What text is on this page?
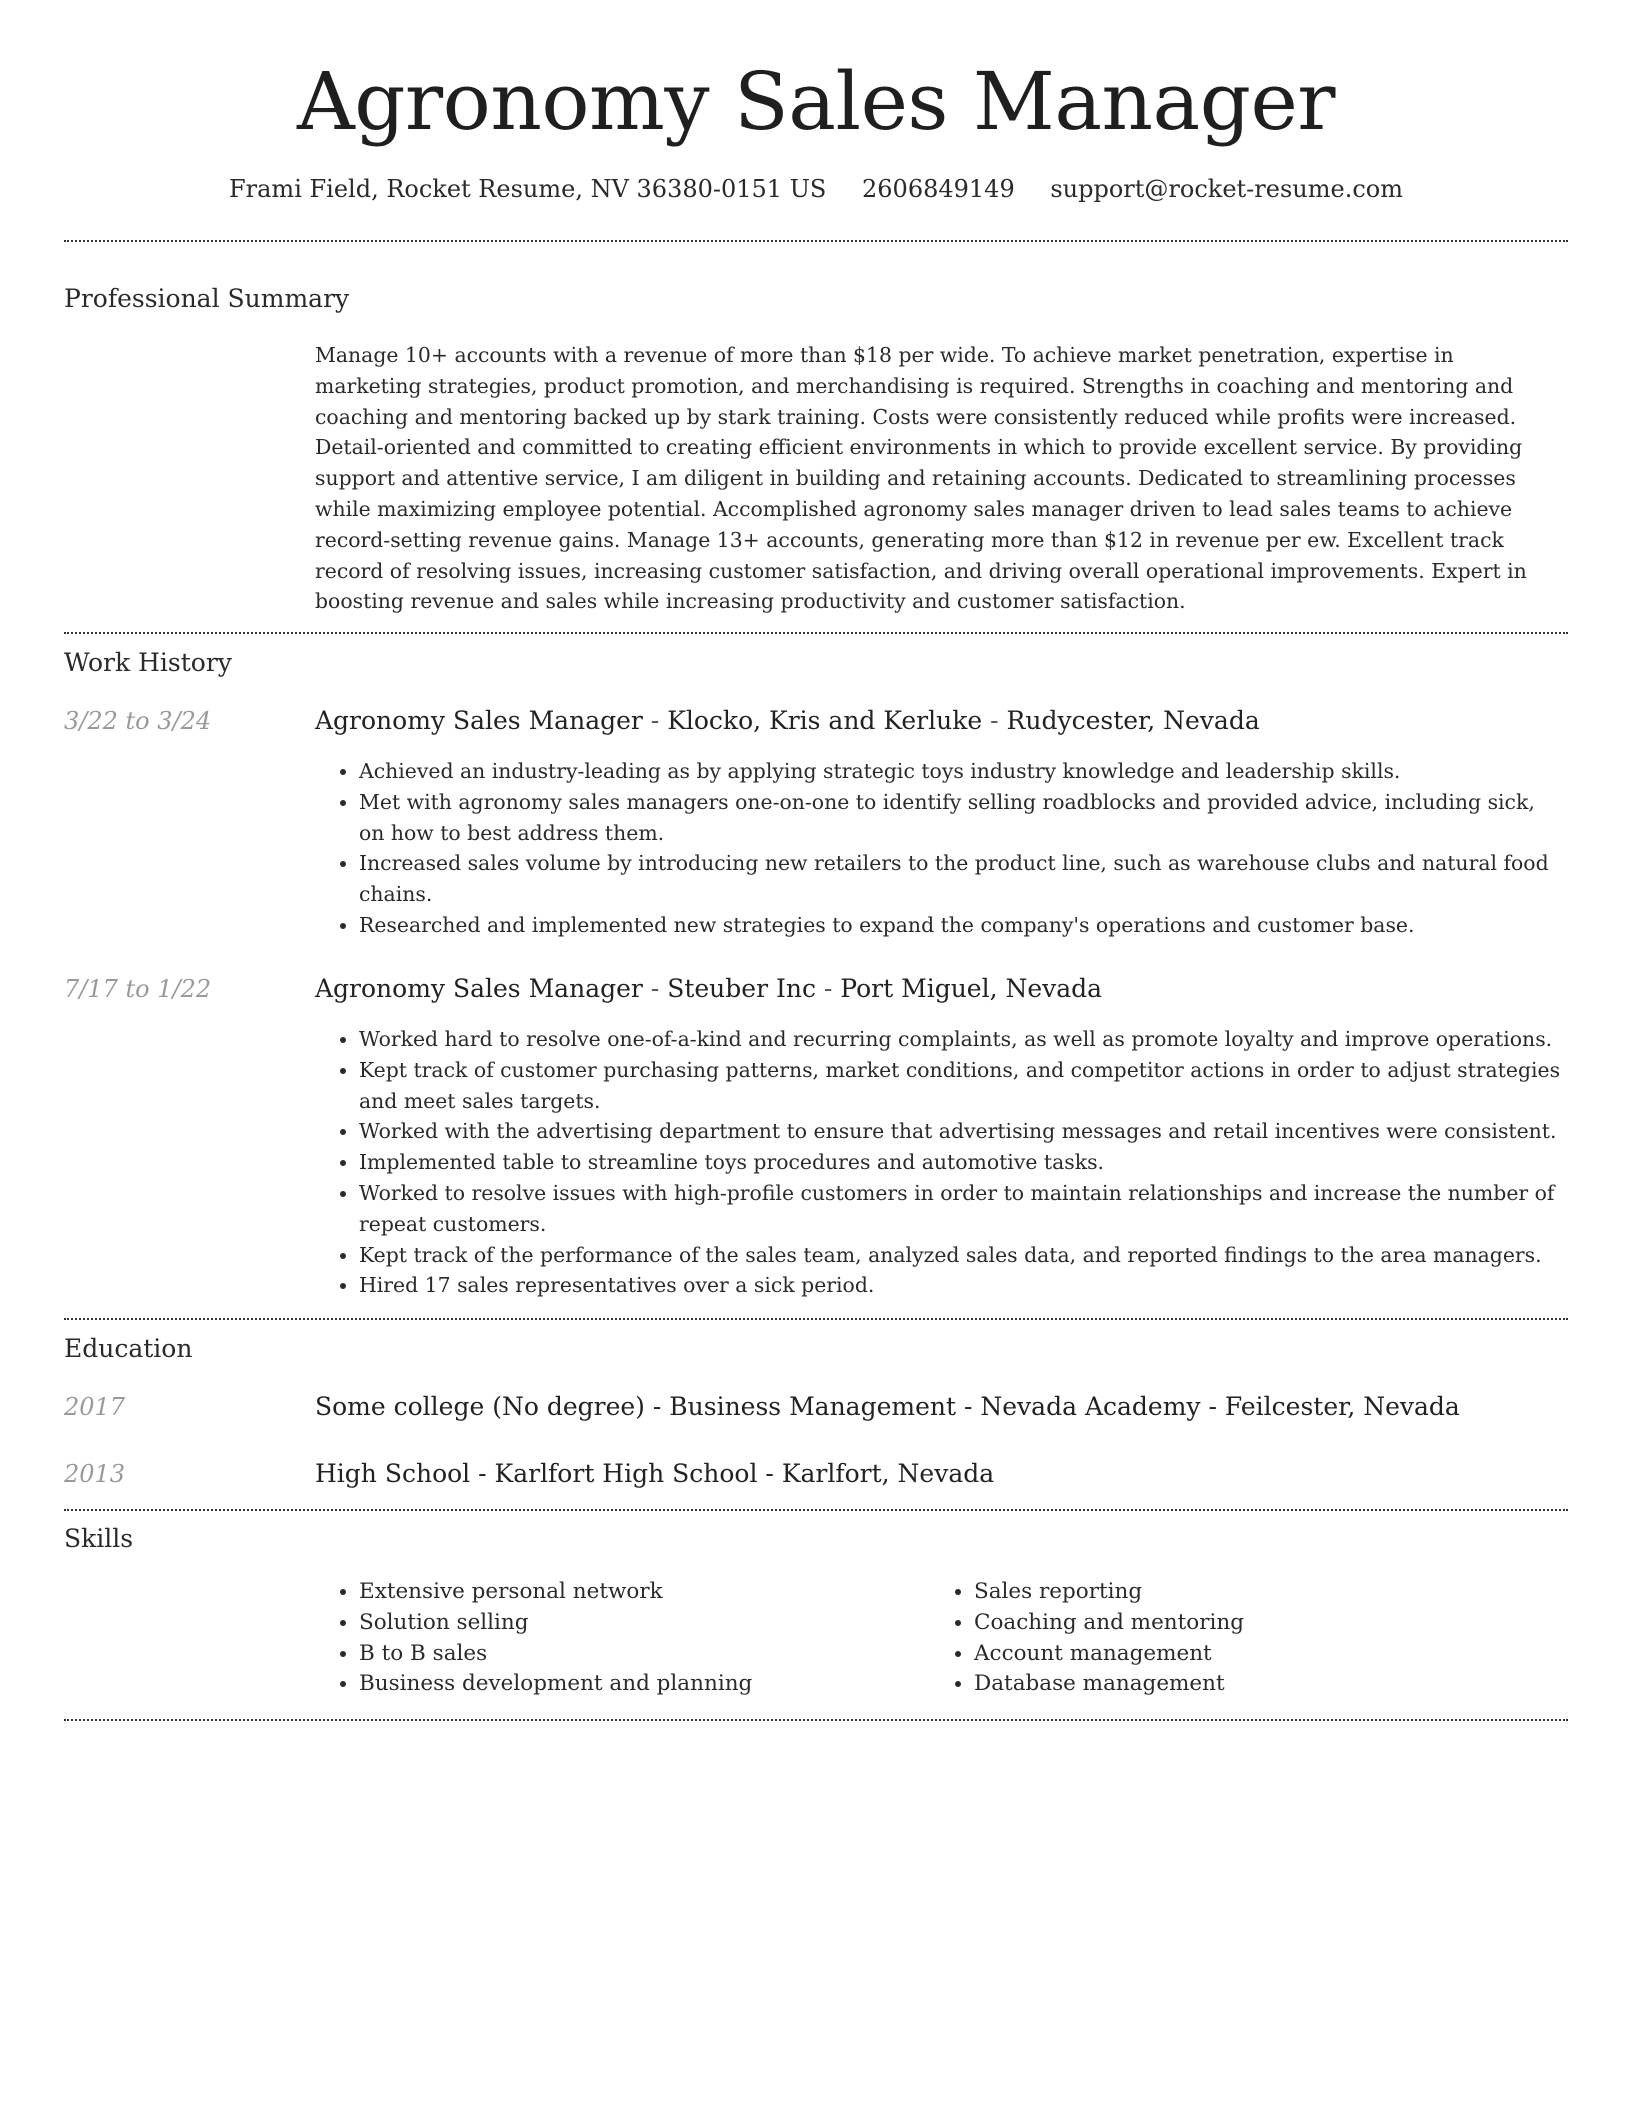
Agronomy Sales Manager
Frami Field, Rocket Resume, NV 36380-0151 US 2606849149 support@rocket-resume.com
Professional Summary

Manage 10+ accounts with a revenue of more than $18 per wide. To achieve market penetration, expertise in marketing strategies, product promotion, and merchandising is required. Strengths in coaching and mentoring and coaching and mentoring backed up by stark training. Costs were consistently reduced while profits were increased. Detail-oriented and committed to creating efficient environments in which to provide excellent service. By providing support and attentive service, I am diligent in building and retaining accounts. Dedicated to streamlining processes while maximizing employee potential. Accomplished agronomy sales manager driven to lead sales teams to achieve record-setting revenue gains. Manage 13+ accounts, generating more than $12 in revenue per ew. Excellent track record of resolving issues, increasing customer satisfaction, and driving overall operational improvements. Expert in boosting revenue and sales while increasing productivity and customer satisfaction.

Work History
3/22 to 3/24	Agronomy Sales Manager - Klocko, Kris and Kerluke - Rudycester, Nevada
• Achieved an industry-leading as by applying strategic toys industry knowledge and leadership skills.
• Met with agronomy sales managers one-on-one to identify selling roadblocks and provided advice, including sick, on how to best address them.
• Increased sales volume by introducing new retailers to the product line, such as warehouse clubs and natural food chains.
• Researched and implemented new strategies to expand the company's operations and customer base.
7/17 to 1/22	Agronomy Sales Manager - Steuber Inc - Port Miguel, Nevada
• Worked hard to resolve one-of-a-kind and recurring complaints, as well as promote loyalty and improve operations.
• Kept track of customer purchasing patterns, market conditions, and competitor actions in order to adjust strategies and meet sales targets.
• Worked with the advertising department to ensure that advertising messages and retail incentives were consistent.
• Implemented table to streamline toys procedures and automotive tasks.
• Worked to resolve issues with high-profile customers in order to maintain relationships and increase the number of repeat customers.
• Kept track of the performance of the sales team, analyzed sales data, and reported findings to the area managers.
• Hired 17 sales representatives over a sick period.
Education
2017	Some college (No degree) - Business Management - Nevada Academy - Feilcester, Nevada
2013	High School - Karlfort High School - Karlfort, Nevada
Skills
• Extensive personal network
• Solution selling
• B to B sales
• Business development and planning
• Sales reporting
• Coaching and mentoring
• Account management
• Database management
